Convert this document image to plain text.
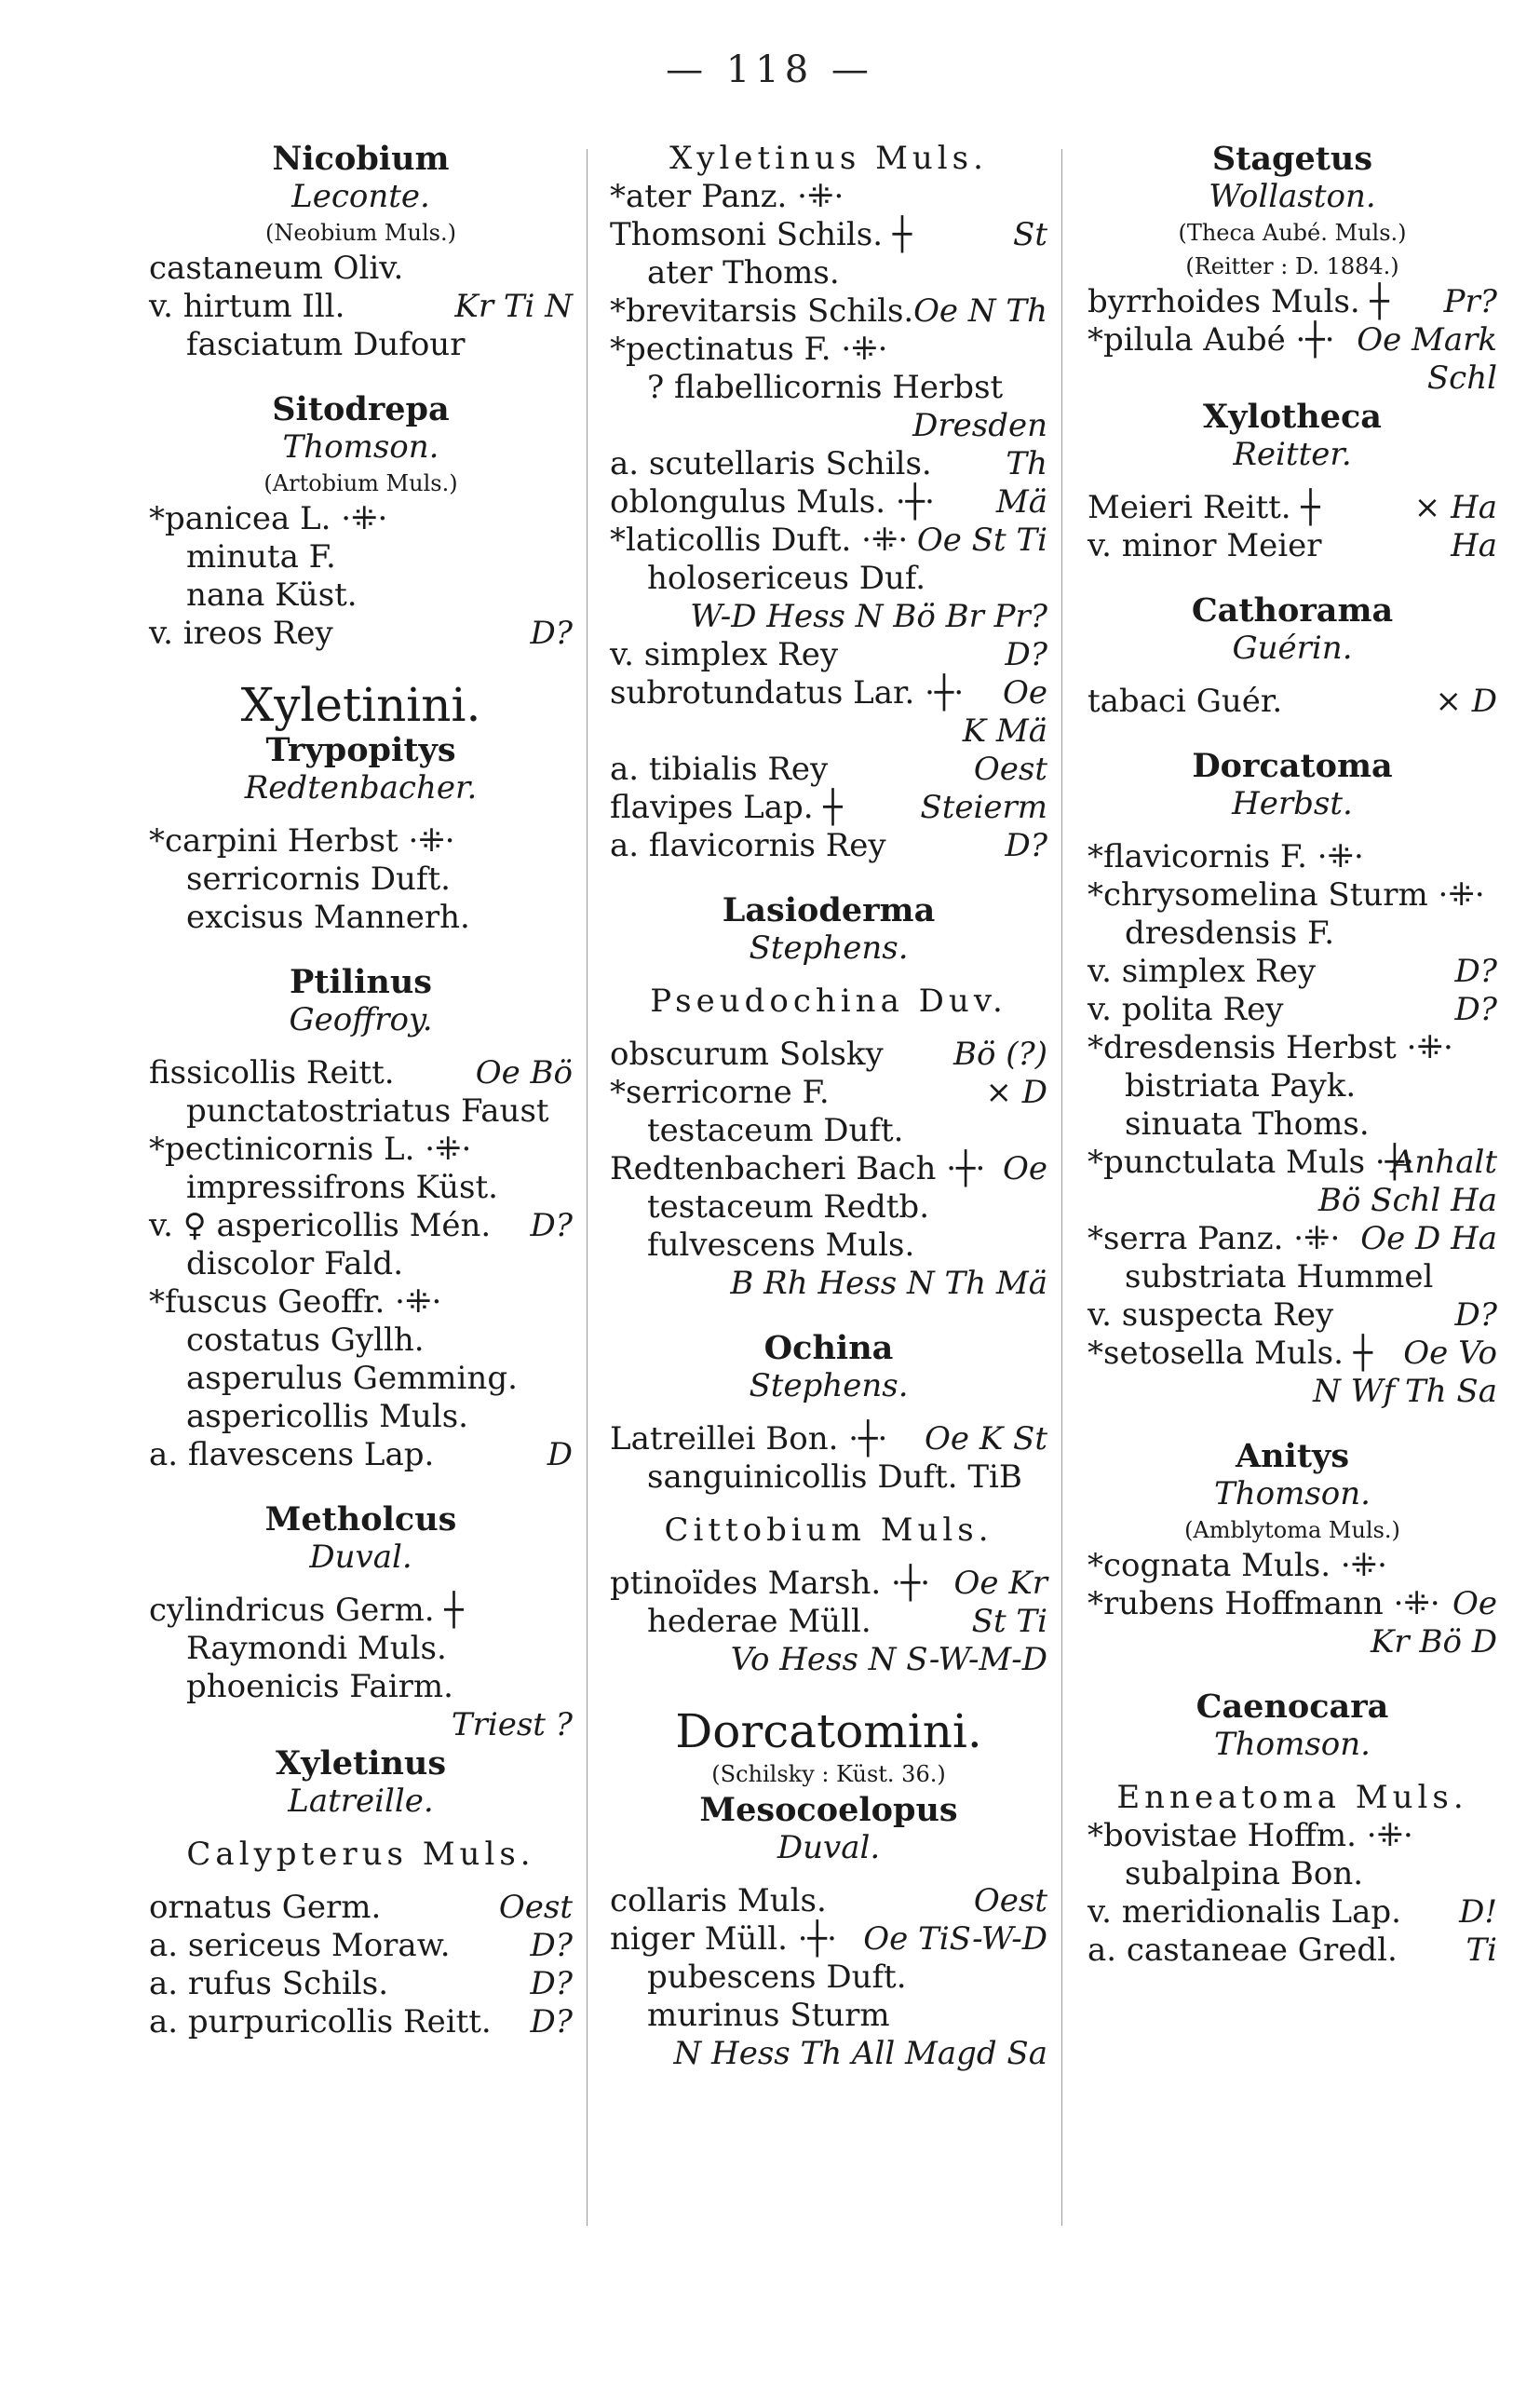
— 118 —
Nicobium
Leconte.
(Neobium Muls.)
castaneum Oliv.
v. hirtum Ill.	Kr Ti N
fasciatum Dufour
Sitodrepa
Thomson.
(Artobium Muls.)
*panicea L. ·⁜·
minuta F.
nana Küst.
v. ireos Rey	D?
Xyletinini.
Trypopitys
Redtenbacher.
*carpini Herbst ·⁜·
serricornis Duft.
excisus Mannerh.
Ptilinus
Geoffroy.
fissicollis Reitt.	Oe Bö
punctatostriatus Faust
*pectinicornis L. ·⁜·
impressifrons Küst.
v. ♀ aspericollis Mén. D?
discolor Fald.
*fuscus Geoffr. ·⁜·
costatus Gyllh.
asperulus Gemming.
aspericollis Muls.
a. flavescens Lap.	D
Metholcus
Duval.
cylindricus Germ. ┼
Raymondi Muls.
phoenicis Fairm.
Triest ?
Xyletinus
Latreille.
Calypterus Muls.
ornatus Germ.	Oest
a. sericeus Moraw.	D?
a. rufus Schils.	D?
a. purpuricollis Reitt. D?
Xyletinus Muls.
*ater Panz. ·⁜·
Thomsoni Schils. ┼	St
ater Thoms.
*brevitarsis Schils. Oe N Th
*pectinatus F. ·⁜·
? flabellicornis Herbst
Dresden
a. scutellaris Schils. Th
oblongulus Muls. ·┼· Mä
*laticollis Duft. ·⁜· Oe St Ti
holosericeus Duf.
W-D Hess N Bö Br Pr?
v. simplex Rey	D?
subrotundatus Lar. ·┼· Oe
K Mä
a. tibialis Rey	Oest
flavipes Lap. ┼ Steierm
a. flavicornis Rey	D?
Lasioderma
Stephens.
Pseudochina Duv.
obscurum Solsky Bö (?)
*serricorne F.	× D
testaceum Duft.
Redtenbacheri Bach ·┼· Oe
testaceum Redtb.
fulvescens Muls.
B Rh Hess N Th Mä
Ochina
Stephens.
Latreillei Bon. ·┼· Oe K St
sanguinicollis Duft. TiB
Cittobium Muls.
ptinoïdes Marsh. ·┼· Oe Kr
hederae Müll.	St Ti
Vo Hess N S-W-M-D
Dorcatomini.
(Schilsky : Küst. 36.)
Mesocoelopus
Duval.
collaris Muls.	Oest
niger Müll. ·┼· Oe TiS-W-D
pubescens Duft.
murinus Sturm
N Hess Th All Magd Sa
Stagetus
Wollaston.
(Theca Aubé. Muls.)
(Reitter : D. 1884.)
byrrhoides Muls. ┼ Pr?
*pilula Aubé ·┼· Oe Mark
Schl
Xylotheca
Reitter.
Meieri Reitt. ┼	× Ha
v. minor Meier	Ha
Cathorama
Guérin.
tabaci Guér.	× D
Dorcatoma
Herbst.
*flavicornis F. ·⁜·
*chrysomelina Sturm ·⁜·
dresdensis F.
v. simplex Rey	D?
v. polita Rey	D?
*dresdensis Herbst ·⁜·
bistriata Payk.
sinuata Thoms.
*punctulata Muls ·┼·
Anhalt
Bö Schl Ha
*serra Panz. ·⁜· Oe D Ha
substriata Hummel
v. suspecta Rey	D?
*setosella Muls. ┼ Oe Vo
N Wf Th Sa
Anitys
Thomson.
(Amblytoma Muls.)
*cognata Muls. ·⁜·
*rubens Hoffmann ·⁜· Oe
Kr Bö D
Caenocara
Thomson.
Enneatoma Muls.
*bovistae Hoffm. ·⁜·
subalpina Bon.
v. meridionalis Lap. D!
a. castaneae Gredl. Ti
